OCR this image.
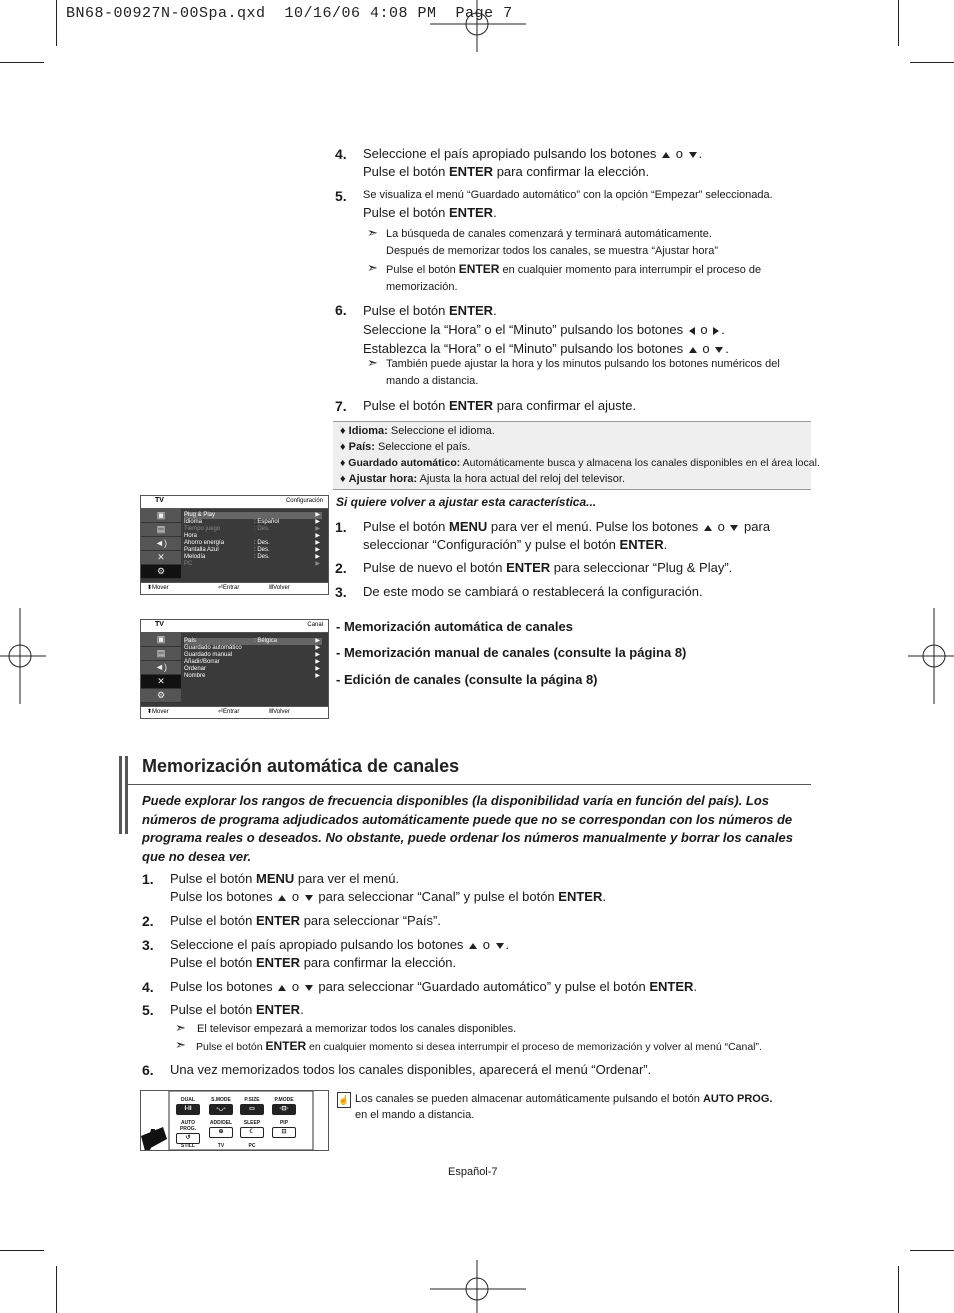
BN68-00927N-00Spa.qxd  10/16/06 4:08 PM  Page 7
4. Seleccione el país apropiado pulsando los botones o .
Pulse el botón ENTER para confirmar la elección.
5. Se visualiza el menú “Guardado automático” con la opción “Empezar” seleccionada.
Pulse el botón ENTER.
➣ La búsqueda de canales comenzará y terminará automáticamente.
Después de memorizar todos los canales, se muestra “Ajustar hora”
➣ Pulse el botón ENTER en cualquier momento para interrumpir el proceso de
memorización.
6. Pulse el botón ENTER.
Seleccione la “Hora” o el “Minuto” pulsando los botones o .
Establezca la “Hora” o el “Minuto” pulsando los botones o .
➣ También puede ajustar la hora y los minutos pulsando los botones numéricos del
mando a distancia.
7. Pulse el botón ENTER para confirmar el ajuste.
♦ Idioma: Seleccione el idioma.
♦ País: Seleccione el país.
♦ Guardado automático: Automáticamente busca y almacena los canales disponibles en el área local.
♦ Ajustar hora: Ajusta la hora actual del reloj del televisor.
TV	Configuración
▣
▤
◄)
✕
⚙
Plug & Play	▶
Idioma	: Español	▶
Tiempo juego	: Des.	▶
Hora	▶
Ahorro energía	: Des.	▶
Pantalla Azul	: Des.	▶
Melodía	: Des.	▶
PC	▶
⬍ Mover	⏎ Entrar	Ⅲ Volver
Si quiere volver a ajustar esta característica...
1. Pulse el botón MENU para ver el menú. Pulse los botones o para
seleccionar “Configuración” y pulse el botón ENTER.
2. Pulse de nuevo el botón ENTER para seleccionar “Plug & Play”.
3. De este modo se cambiará o restablecerá la configuración.
TV	Canal
▣
▤
◄)
✕
⚙
País	: Bélgica	▶
Guardado automático	▶
Guardado manual	▶
Añadir/Borrar	▶
Ordenar	▶
Nombre	▶
⬍ Mover	⏎ Entrar	Ⅲ Volver
- Memorización automática de canales
- Memorización manual de canales (consulte la página 8)
- Edición de canales (consulte la página 8)
Memorización automática de canales
Puede explorar los rangos de frecuencia disponibles (la disponibilidad varía en función del país). Los números de programa adjudicados automáticamente puede que no se correspondan con los números de programa reales o deseados. No obstante, puede ordenar los números manualmente y borrar los canales que no desea ver.
1. Pulse el botón MENU para ver el menú.
Pulse los botones o para seleccionar “Canal” y pulse el botón ENTER.
2. Pulse el botón ENTER para seleccionar “País”.
3. Seleccione el país apropiado pulsando los botones o .
Pulse el botón ENTER para confirmar la elección.
4. Pulse los botones o para seleccionar “Guardado automático” y pulse el botón ENTER.
5. Pulse el botón ENTER.
➣ El televisor empezará a memorizar todos los canales disponibles.
➣ Pulse el botón ENTER en cualquier momento si desea interrumpir el proceso de memorización y volver al menú “Canal”.
6. Una vez memorizados todos los canales disponibles, aparecerá el menú “Ordenar”.
DUAL
I-II
S.MODE
-◡-
P.SIZE
▭
P.MODE
-⊡-
AUTO PROG.
↺
ADD/DEL
⊕
SLEEP
☾
PIP
⊡
STILL	TV	PC
☝ Los canales se pueden almacenar automáticamente pulsando el botón AUTO PROG.
en el mando a distancia.
Español-7
